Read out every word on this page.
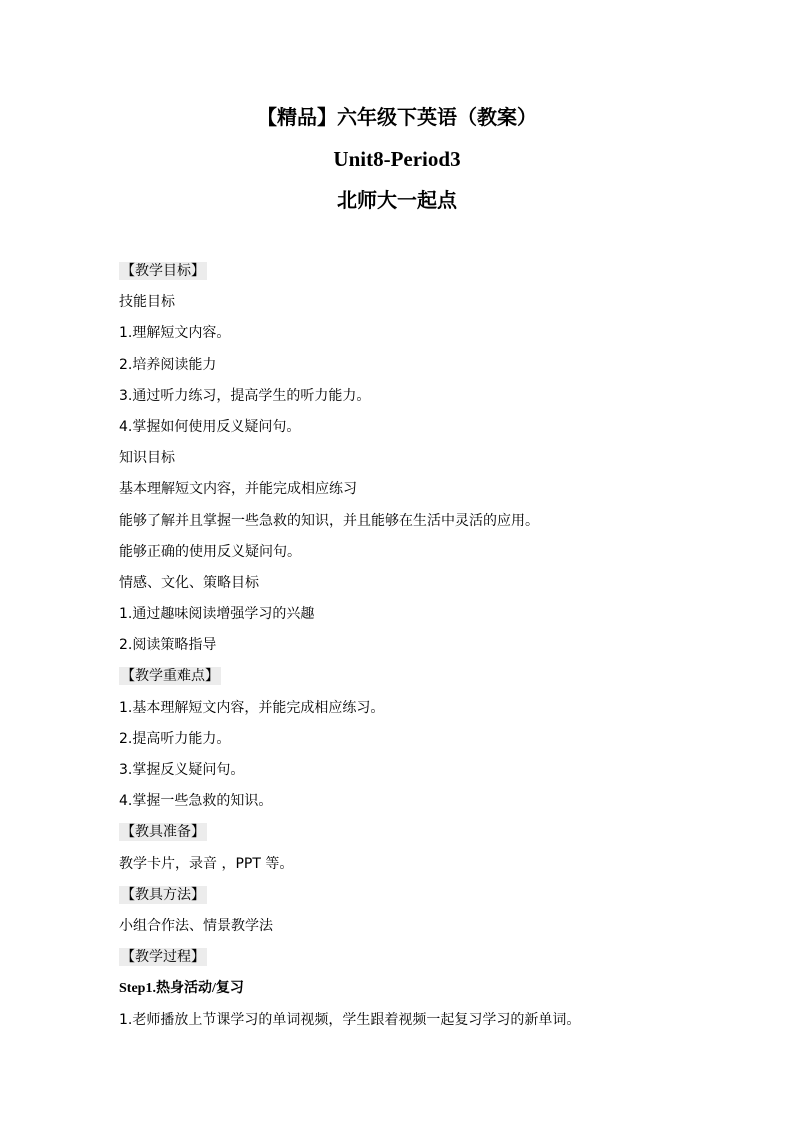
【精品】六年级下英语（教案）
Unit8-Period3
北师大一起点
【教学目标】
技能目标
1.理解短文内容。
2.培养阅读能力
3.通过听力练习，提高学生的听力能力。
4.掌握如何使用反义疑问句。
知识目标
基本理解短文内容，并能完成相应练习
能够了解并且掌握一些急救的知识，并且能够在生活中灵活的应用。
能够正确的使用反义疑问句。
情感、文化、策略目标
1.通过趣味阅读增强学习的兴趣
2.阅读策略指导
【教学重难点】
1.基本理解短文内容，并能完成相应练习。
2.提高听力能力。
3.掌握反义疑问句。
4.掌握一些急救的知识。
【教具准备】
教学卡片，录音 ，PPT 等。
【教具方法】
小组合作法、情景教学法
【教学过程】
Step1.热身活动/复习
1.老师播放上节课学习的单词视频，学生跟着视频一起复习学习的新单词。
